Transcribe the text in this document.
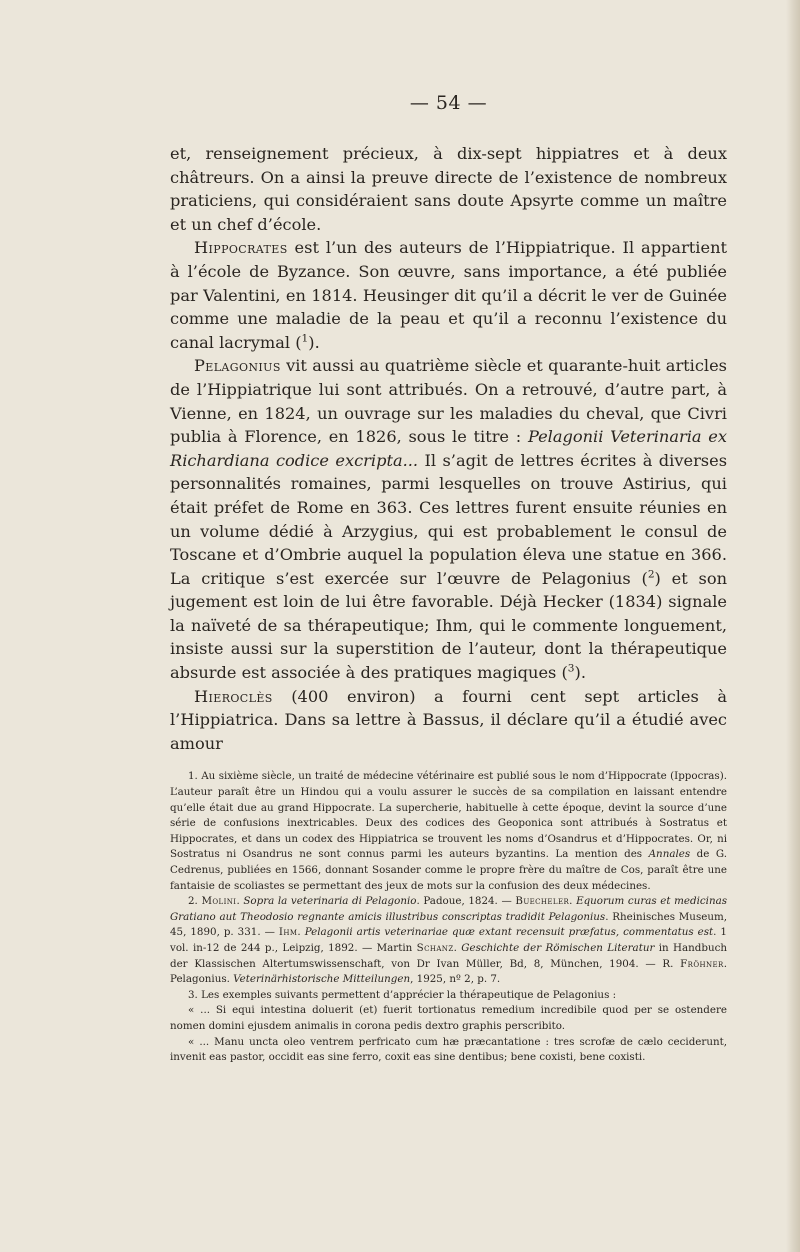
— 54 —

et, renseignement précieux, à dix-sept hippiatres et à deux châtreurs. On a ainsi la preuve directe de l’existence de nombreux praticiens, qui considéraient sans doute Apsyrte comme un maître et un chef d’école.

Hippocrates est l’un des auteurs de l’Hippiatrique. Il appartient à l’école de Byzance. Son œuvre, sans importance, a été publiée par Valentini, en 1814. Heusinger dit qu’il a décrit le ver de Guinée comme une maladie de la peau et qu’il a reconnu l’existence du canal lacrymal ($^1$).

Pelagonius vit aussi au quatrième siècle et quarante-huit articles de l’Hippiatrique lui sont attribués. On a retrouvé, d’autre part, à Vienne, en 1824, un ouvrage sur les maladies du cheval, que Civri publia à Florence, en 1826, sous le titre : Pelagonii Veterinaria ex Richardiana codice excripta... Il s’agit de lettres écrites à diverses personnalités romaines, parmi lesquelles on trouve Astirius, qui était préfet de Rome en 363. Ces lettres furent ensuite réunies en un volume dédié à Arzygius, qui est probablement le consul de Toscane et d’Ombrie auquel la population éleva une statue en 366. La critique s’est exercée sur l’œuvre de Pelagonius ($^2$) et son jugement est loin de lui être favorable. Déjà Hecker (1834) signale la naïveté de sa thérapeutique; Ihm, qui le commente longuement, insiste aussi sur la superstition de l’auteur, dont la thérapeutique absurde est associée à des pratiques magiques ($^3$).

Hieroclès (400 environ) a fourni cent sept articles à l’Hippiatrica. Dans sa lettre à Bassus, il déclare qu’il a étudié avec amour

1. Au sixième siècle, un traité de médecine vétérinaire est publié sous le nom d’Hippocrate (Ippocras). L’auteur paraît être un Hindou qui a voulu assurer le succès de sa compilation en laissant entendre qu’elle était due au grand Hippocrate. La supercherie, habituelle à cette époque, devint la source d’une série de confusions inextricables. Deux des codices des Geoponica sont attribués à Sostratus et Hippocrates, et dans un codex des Hippiatrica se trouvent les noms d’Osandrus et d’Hippocrates. Or, ni Sostratus ni Osandrus ne sont connus parmi les auteurs byzantins. La mention des Annales de G. Cedrenus, publiées en 1566, donnant Sosander comme le propre frère du maître de Cos, paraît être une fantaisie de scoliastes se permettant des jeux de mots sur la confusion des deux médecines.

2. Molini. Sopra la veterinaria di Pelagonio. Padoue, 1824. — Buecheler. Equorum curas et medicinas Gratiano aut Theodosio regnante amicis illustribus conscriptas tradidit Pelagonius. Rheinisches Museum, 45, 1890, p. 331. — Ihm. Pelagonii artis veterinariae quæ extant recensuit præfatus, commentatus est. 1 vol. in-12 de 244 p., Leipzig, 1892. — Martin Schanz. Geschichte der Römischen Literatur in Handbuch der Klassischen Altertumswissenschaft, von Dr Ivan Müller, Bd, 8, München, 1904. — R. Fröhner. Pelagonius. Veterinärhistorische Mitteilungen, 1925, nº 2, p. 7.

3. Les exemples suivants permettent d’apprécier la thérapeutique de Pelagonius :

« ... Si equi intestina doluerit (et) fuerit tortionatus remedium incredibile quod per se ostendere nomen domini ejusdem animalis in corona pedis dextro graphis perscribito.

« ... Manu uncta oleo ventrem perfricato cum hæ præcantatione : tres scrofæ de cælo ceciderunt, invenit eas pastor, occidit eas sine ferro, coxit eas sine dentibus; bene coxisti, bene coxisti.
